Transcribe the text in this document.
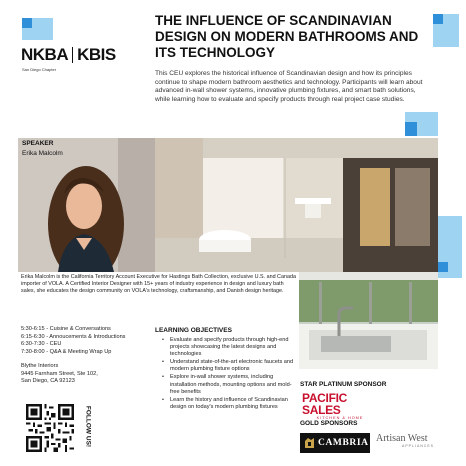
NKBA KBIS
San Diego Chapter
THE INFLUENCE OF SCANDINAVIAN DESIGN ON MODERN BATHROOMS AND ITS TECHNOLOGY
This CEU explores the historical influence of Scandinavian design and how its principles continue to shape modern bathroom aesthetics and technology. Participants will learn about advanced in-wall shower systems, innovative plumbing fixtures, and smart bath solutions, while learning how to evaluate and specify products through real project case studies.
SPEAKER
Erika Malcolm
Erika Malcolm is the California Territory Account Executive for Hastings Bath Collection, exclusive U.S. and Canada importer of VOLA. A Certified Interior Designer with 15+ years of industry experience in design and luxury bath sales, she educates the design community on VOLA's technology, craftsmanship, and Danish design heritage.
5:30-6:15 - Cuisine & Conversations
6:15-6:30 - Annoucements & Introductions
6:30-7:30 - CEU
7:30-8:00 - Q&A & Meeting Wrap Up
Blythe Interiors
9445 Farnham Street, Ste 102,
San Diego, CA 92123
FOLLOW US!
LEARNING OBJECTIVES
• Evaluate and specify products through high-end projects showcasing the latest designs and technologies
• Understand state-of-the-art electronic faucets and modern plumbing fixture options
• Explore in-wall shower systems, including installation methods, mounting options and mold-free benefits
• Learn the history and influence of Scandinavian design on today's modern plumbing fixtures
STAR PLATINUM SPONSOR
PACIFIC SALES
KITCHEN & HOME
GOLD SPONSORS
CAMBRIA Artisan West
APPLIANCES
